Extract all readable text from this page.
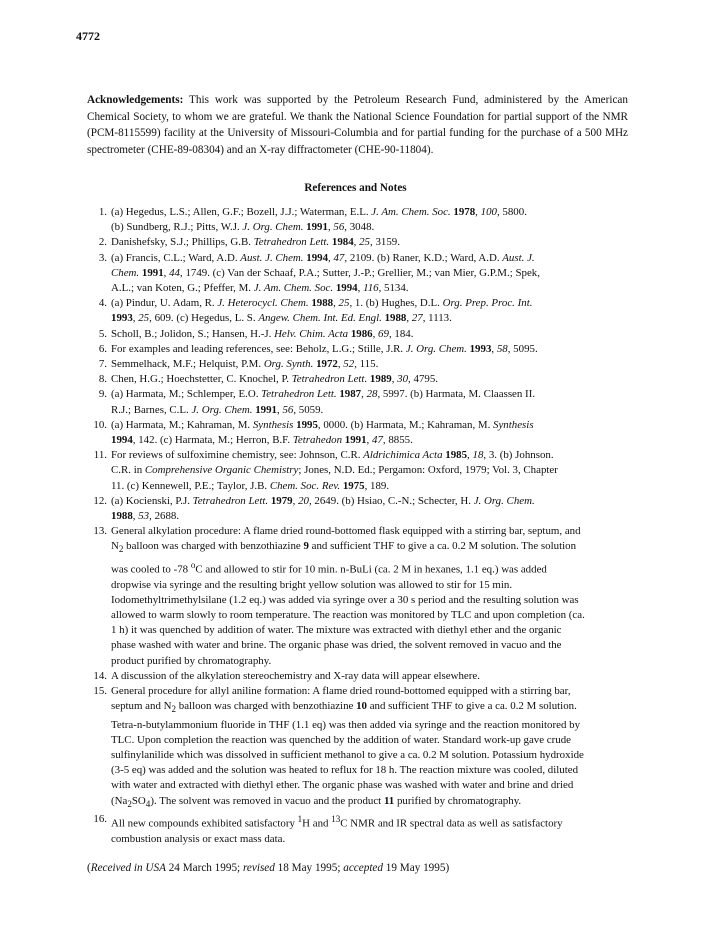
4772
Acknowledgements: This work was supported by the Petroleum Research Fund, administered by the American Chemical Society, to whom we are grateful. We thank the National Science Foundation for partial support of the NMR (PCM-8115599) facility at the University of Missouri-Columbia and for partial funding for the purchase of a 500 MHz spectrometer (CHE-89-08304) and an X-ray diffractometer (CHE-90-11804).
References and Notes
1. (a) Hegedus, L.S.; Allen, G.F.; Bozell, J.J.; Waterman, E.L. J. Am. Chem. Soc. 1978, 100, 5800.
(b) Sundberg, R.J.; Pitts, W.J. J. Org. Chem. 1991, 56, 3048.
2. Danishefsky, S.J.; Phillips, G.B. Tetrahedron Lett. 1984, 25, 3159.
3. (a) Francis, C.L.; Ward, A.D. Aust. J. Chem. 1994, 47, 2109. (b) Raner, K.D.; Ward, A.D. Aust. J.
Chem. 1991, 44, 1749. (c) Van der Schaaf, P.A.; Sutter, J.-P.; Grellier, M.; van Mier, G.P.M.; Spek,
A.L.; van Koten, G.; Pfeffer, M. J. Am. Chem. Soc. 1994, 116, 5134.
4. (a) Pindur, U. Adam, R. J. Heterocycl. Chem. 1988, 25, 1. (b) Hughes, D.L. Org. Prep. Proc. Int.
1993, 25, 609. (c) Hegedus, L. S. Angew. Chem. Int. Ed. Engl. 1988, 27, 1113.
5. Scholl, B.; Jolidon, S.; Hansen, H.-J. Helv. Chim. Acta 1986, 69, 184.
6. For examples and leading references, see: Beholz, L.G.; Stille, J.R. J. Org. Chem. 1993, 58, 5095.
7. Semmelhack, M.F.; Helquist, P.M. Org. Synth. 1972, 52, 115.
8. Chen, H.G.; Hoechstetter, C. Knochel, P. Tetrahedron Lett. 1989, 30, 4795.
9. (a) Harmata, M.; Schlemper, E.O. Tetrahedron Lett. 1987, 28, 5997. (b) Harmata, M. Claassen II.
R.J.; Barnes, C.L. J. Org. Chem. 1991, 56, 5059.
10. (a) Harmata, M.; Kahraman, M. Synthesis 1995, 0000. (b) Harmata, M.; Kahraman, M. Synthesis
1994, 142. (c) Harmata, M.; Herron, B.F. Tetrahedon 1991, 47, 8855.
11. For reviews of sulfoximine chemistry, see: Johnson, C.R. Aldrichimica Acta 1985, 18, 3. (b) Johnson.
C.R. in Comprehensive Organic Chemistry; Jones, N.D. Ed.; Pergamon: Oxford, 1979; Vol. 3, Chapter
11. (c) Kennewell, P.E.; Taylor, J.B. Chem. Soc. Rev. 1975, 189.
12. (a) Kocienski, P.J. Tetrahedron Lett. 1979, 20, 2649. (b) Hsiao, C.-N.; Schecter, H. J. Org. Chem.
1988, 53, 2688.
13. General alkylation procedure: A flame dried round-bottomed flask equipped with a stirring bar, septum, and
$N_2$ balloon was charged with benzothiazine 9 and sufficient THF to give a ca. 0.2 M solution. The solution
was cooled to -78 $^o$C and allowed to stir for 10 min. n-BuLi (ca. 2 M in hexanes, 1.1 eq.) was added
dropwise via syringe and the resulting bright yellow solution was allowed to stir for 15 min.
Iodomethyltrimethylsilane (1.2 eq.) was added via syringe over a 30 s period and the resulting solution was
allowed to warm slowly to room temperature. The reaction was monitored by TLC and upon completion (ca.
1 h) it was quenched by addition of water. The mixture was extracted with diethyl ether and the organic
phase washed with water and brine. The organic phase was dried, the solvent removed in vacuo and the
product purified by chromatography.
14. A discussion of the alkylation stereochemistry and X-ray data will appear elsewhere.
15. General procedure for allyl aniline formation: A flame dried round-bottomed equipped with a stirring bar,
septum and $N_2$ balloon was charged with benzothiazine 10 and sufficient THF to give a ca. 0.2 M solution.
Tetra-n-butylammonium fluoride in THF (1.1 eq) was then added via syringe and the reaction monitored by
TLC. Upon completion the reaction was quenched by the addition of water. Standard work-up gave crude
sulfinylanilide which was dissolved in sufficient methanol to give a ca. 0.2 M solution. Potassium hydroxide
(3-5 eq) was added and the solution was heated to reflux for 18 h. The reaction mixture was cooled, diluted
with water and extracted with diethyl ether. The organic phase was washed with water and brine and dried
$(Na_2SO_4)$. The solvent was removed in vacuo and the product 11 purified by chromatography.
16. All new compounds exhibited satisfactory $^1$H and $^{13}$C NMR and IR spectral data as well as satisfactory
combustion analysis or exact mass data.
(Received in USA 24 March 1995; revised 18 May 1995; accepted 19 May 1995)
